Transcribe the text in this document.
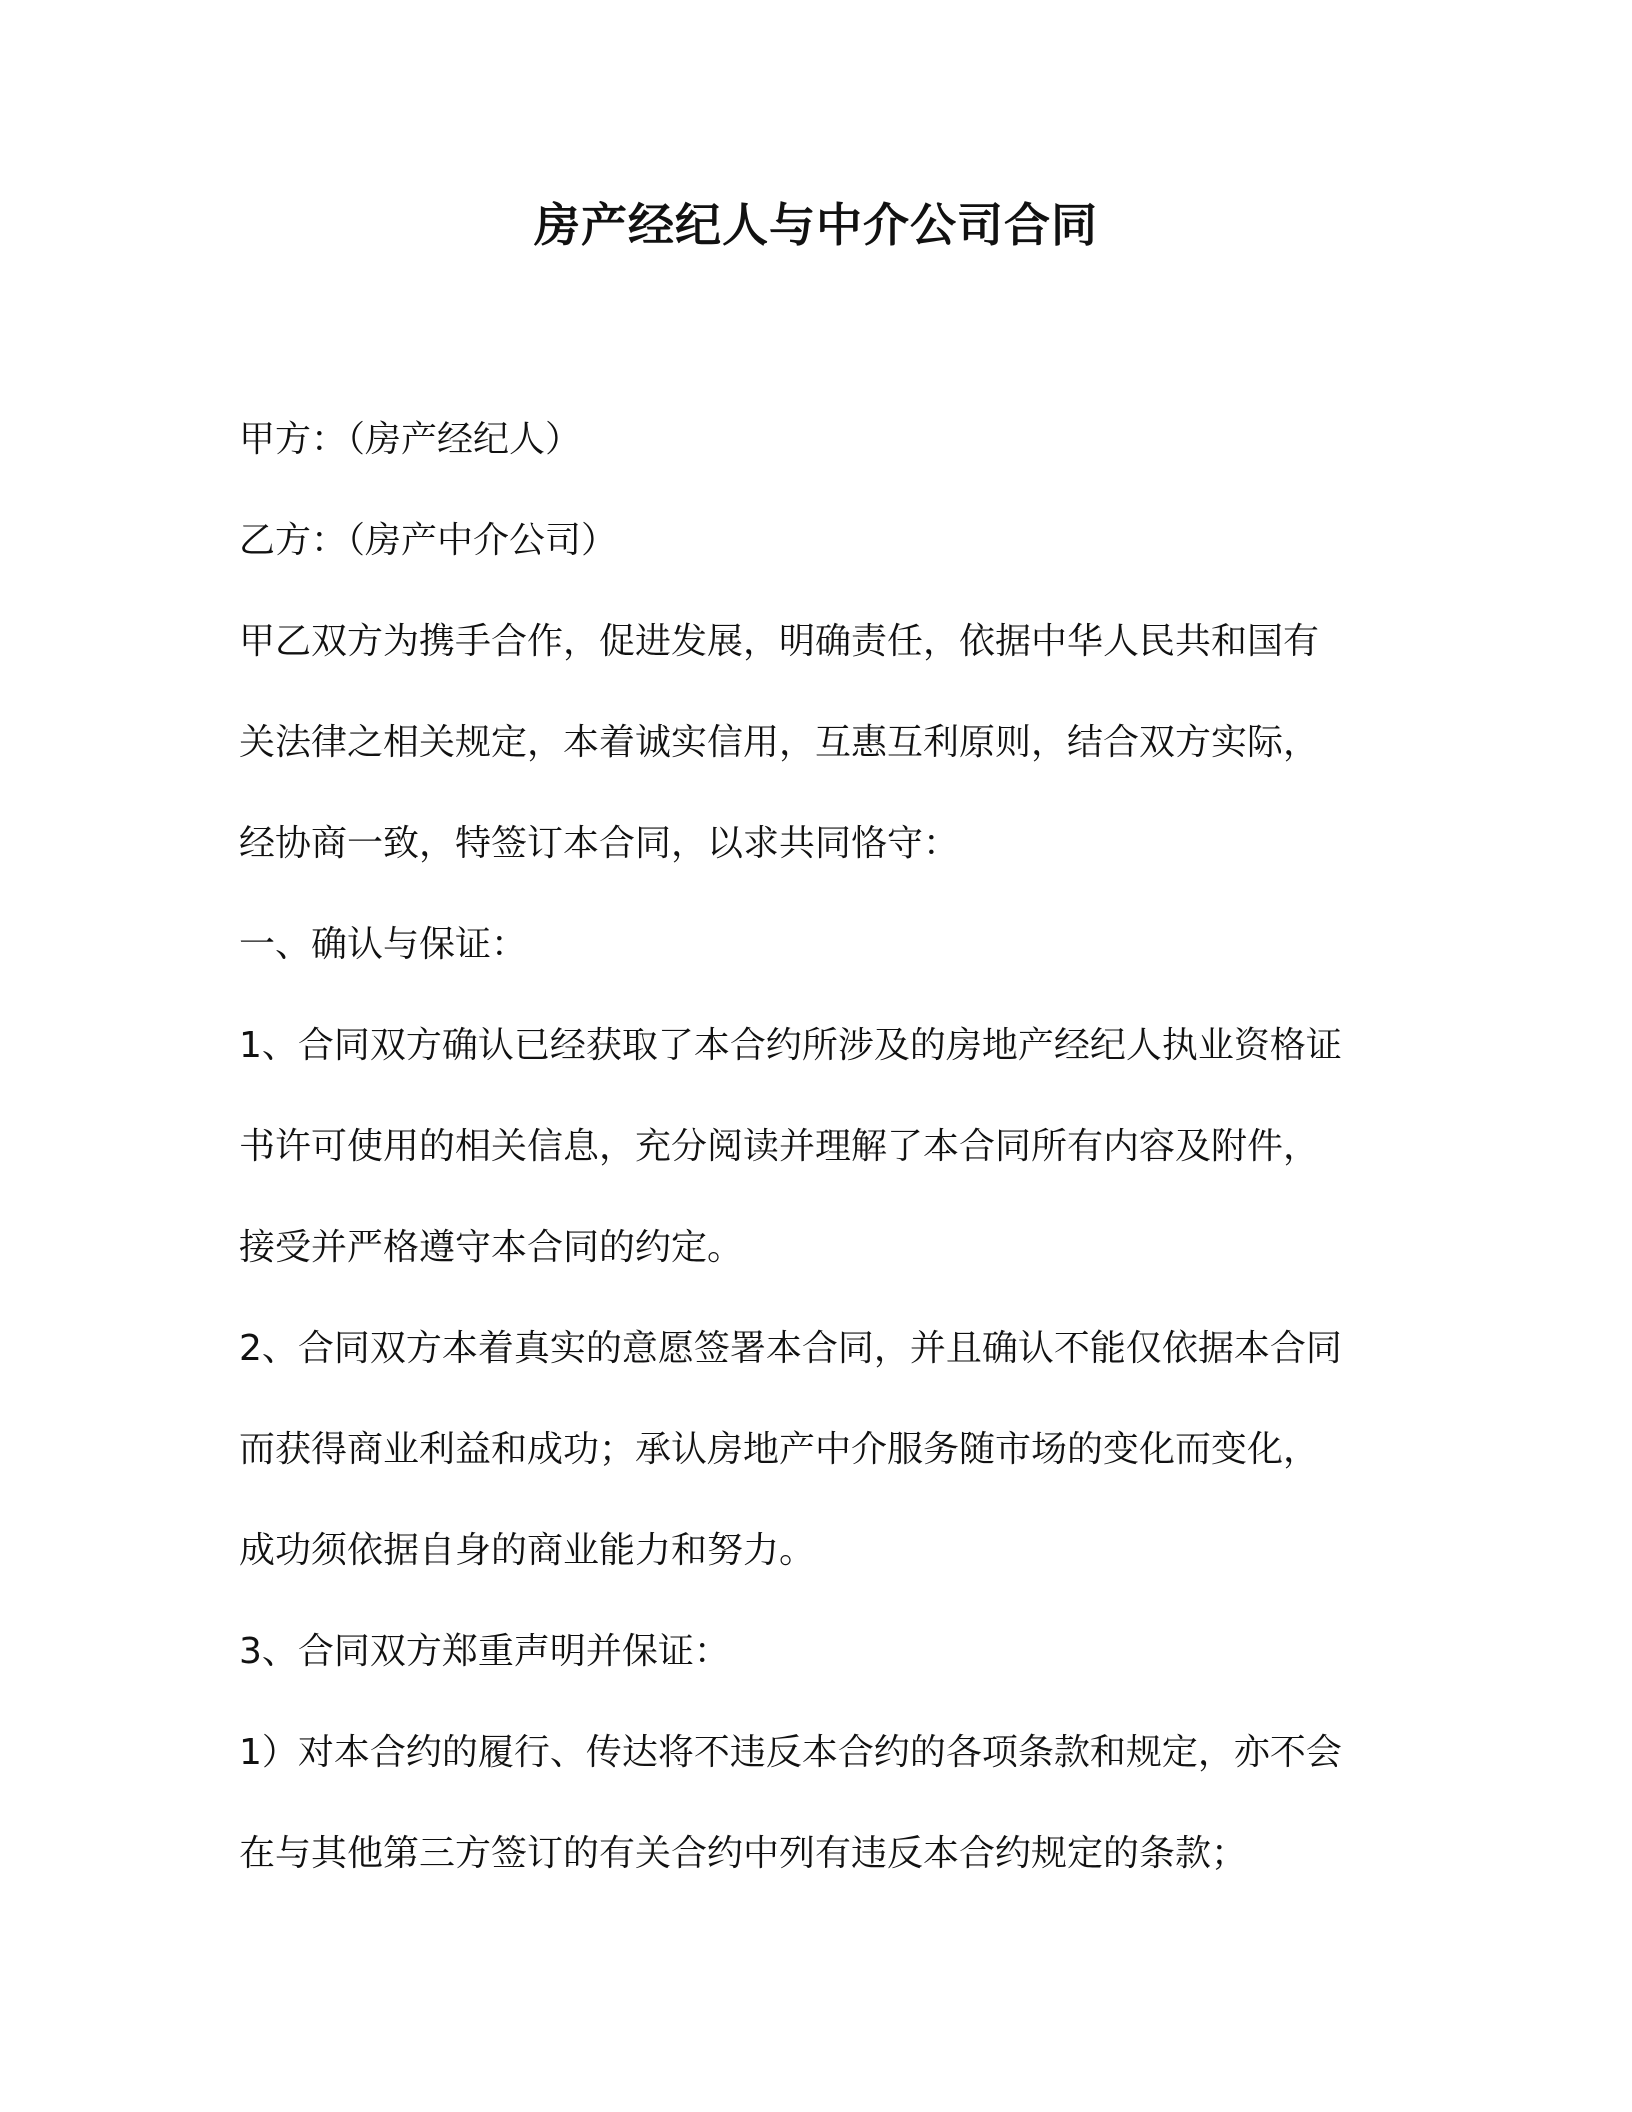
房产经纪人与中介公司合同

甲方：（房产经纪人）

乙方：（房产中介公司）

甲乙双方为携手合作，促进发展，明确责任，依据中华人民共和国有

关法律之相关规定，本着诚实信用，互惠互利原则，结合双方实际，

经协商一致，特签订本合同，以求共同恪守：

一、确认与保证：

1、合同双方确认已经获取了本合约所涉及的房地产经纪人执业资格证

书许可使用的相关信息，充分阅读并理解了本合同所有内容及附件，

接受并严格遵守本合同的约定。

2、合同双方本着真实的意愿签署本合同，并且确认不能仅依据本合同

而获得商业利益和成功；承认房地产中介服务随市场的变化而变化，

成功须依据自身的商业能力和努力。

3、合同双方郑重声明并保证：

1）对本合约的履行、传达将不违反本合约的各项条款和规定，亦不会

在与其他第三方签订的有关合约中列有违反本合约规定的条款；
